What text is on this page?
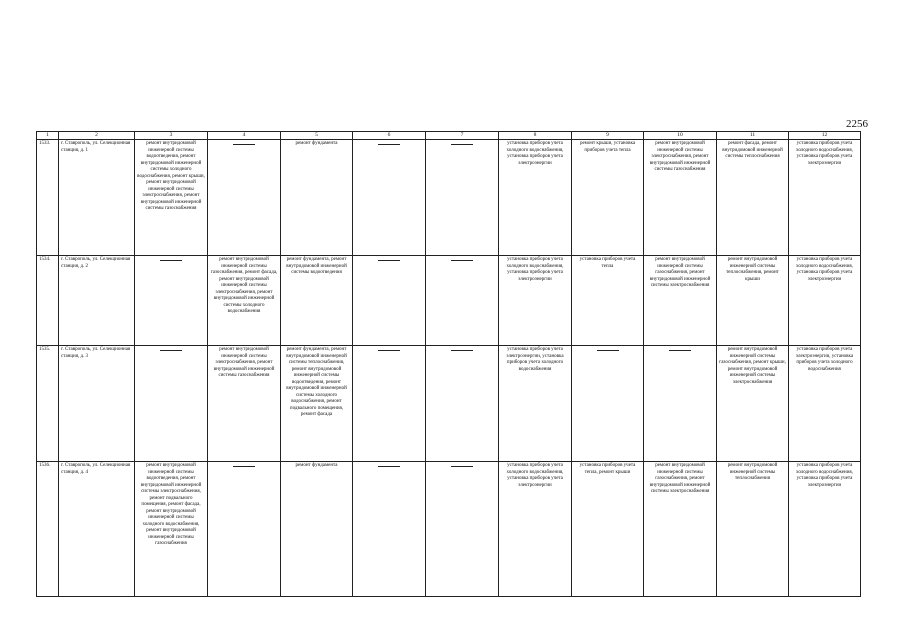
2256
1	2	3	4	5	6	7	8	9	10	11	12
1533.	г. Ставрополь, ул. Селекционная станция, д. 1	ремонт внутридомовой инженерной системы водоотведения, ремонт внутридомовой инженерной системы холодного водоснабжения, ремонт крыши, ремонт внутридомовой инженерной системы электроснабжения, ремонт внутридомовой инженерной системы газоснабжения		ремонт фундамента			установка приборов учета холодного водоснабжения, установка приборов учета электроэнергии	ремонт крыши, установка приборов учета тепла	ремонт внутридомовой инженерной системы электроснабжения, ремонт внутридомовой инженерной системы газоснабжения	ремонт фасада, ремонт внутридомовой инженерной системы теплоснабжения	установка приборов учета холодного водоснабжения, установка приборов учета электроэнергии
1534.	г. Ставрополь, ул. Селекционная станция, д. 2		ремонт внутридомовой инженерной системы газоснабжения, ремонт фасада, ремонт внутридомовой инженерной системы электроснабжения, ремонт внутридомовой инженерной системы холодного водоснабжения	ремонт фундамента, ремонт внутридомовой инженерной системы водоотведения			установка приборов учета холодного водоснабжения, установка приборов учета электроэнергии	установка приборов учета тепла	ремонт внутридомовой инженерной системы газоснабжения, ремонт внутридомовой инженерной системы электроснабжения	ремонт внутридомовой инженерной системы теплоснабжения, ремонт крыши	установка приборов учета холодного водоснабжения, установка приборов учета электроэнергии
1535.	г. Ставрополь, ул. Селекционная станция, д. 3		ремонт внутридомовой инженерной системы электроснабжения, ремонт внутридомовой инженерной системы газоснабжения	ремонт фундамента, ремонт внутридомовой инженерной системы теплоснабжения, ремонт внутридомовой инженерной системы водоотведения, ремонт внутридомовой инженерной системы холодного водоснабжения, ремонт подвального помещения, ремонт фасада			установка приборов учета электроэнергии, установка приборов учета холодного водоснабжения			ремонт внутридомовой инженерной системы газоснабжения, ремонт крыши, ремонт внутридомовой инженерной системы электроснабжения	установка приборов учета электроэнергии, установка приборов учета холодного водоснабжения
1536.	г. Ставрополь, ул. Селекционная станция, д. 4	ремонт внутридомовой инженерной системы водоотведения, ремонт внутридомовой инженерной системы электроснабжения, ремонт подвального помещения, ремонт фасада, ремонт внутридомовой инженерной системы холодного водоснабжения, ремонт внутридомовой инженерной системы газоснабжения		ремонт фундамента			установка приборов учета холодного водоснабжения, установка приборов учета электроэнергии	установка приборов учета тепла, ремонт крыши	ремонт внутридомовой инженерной системы газоснабжения, ремонт внутридомовой инженерной системы электроснабжения	ремонт внутридомовой инженерной системы теплоснабжения	установка приборов учета холодного водоснабжения, установка приборов учета электроэнергии
